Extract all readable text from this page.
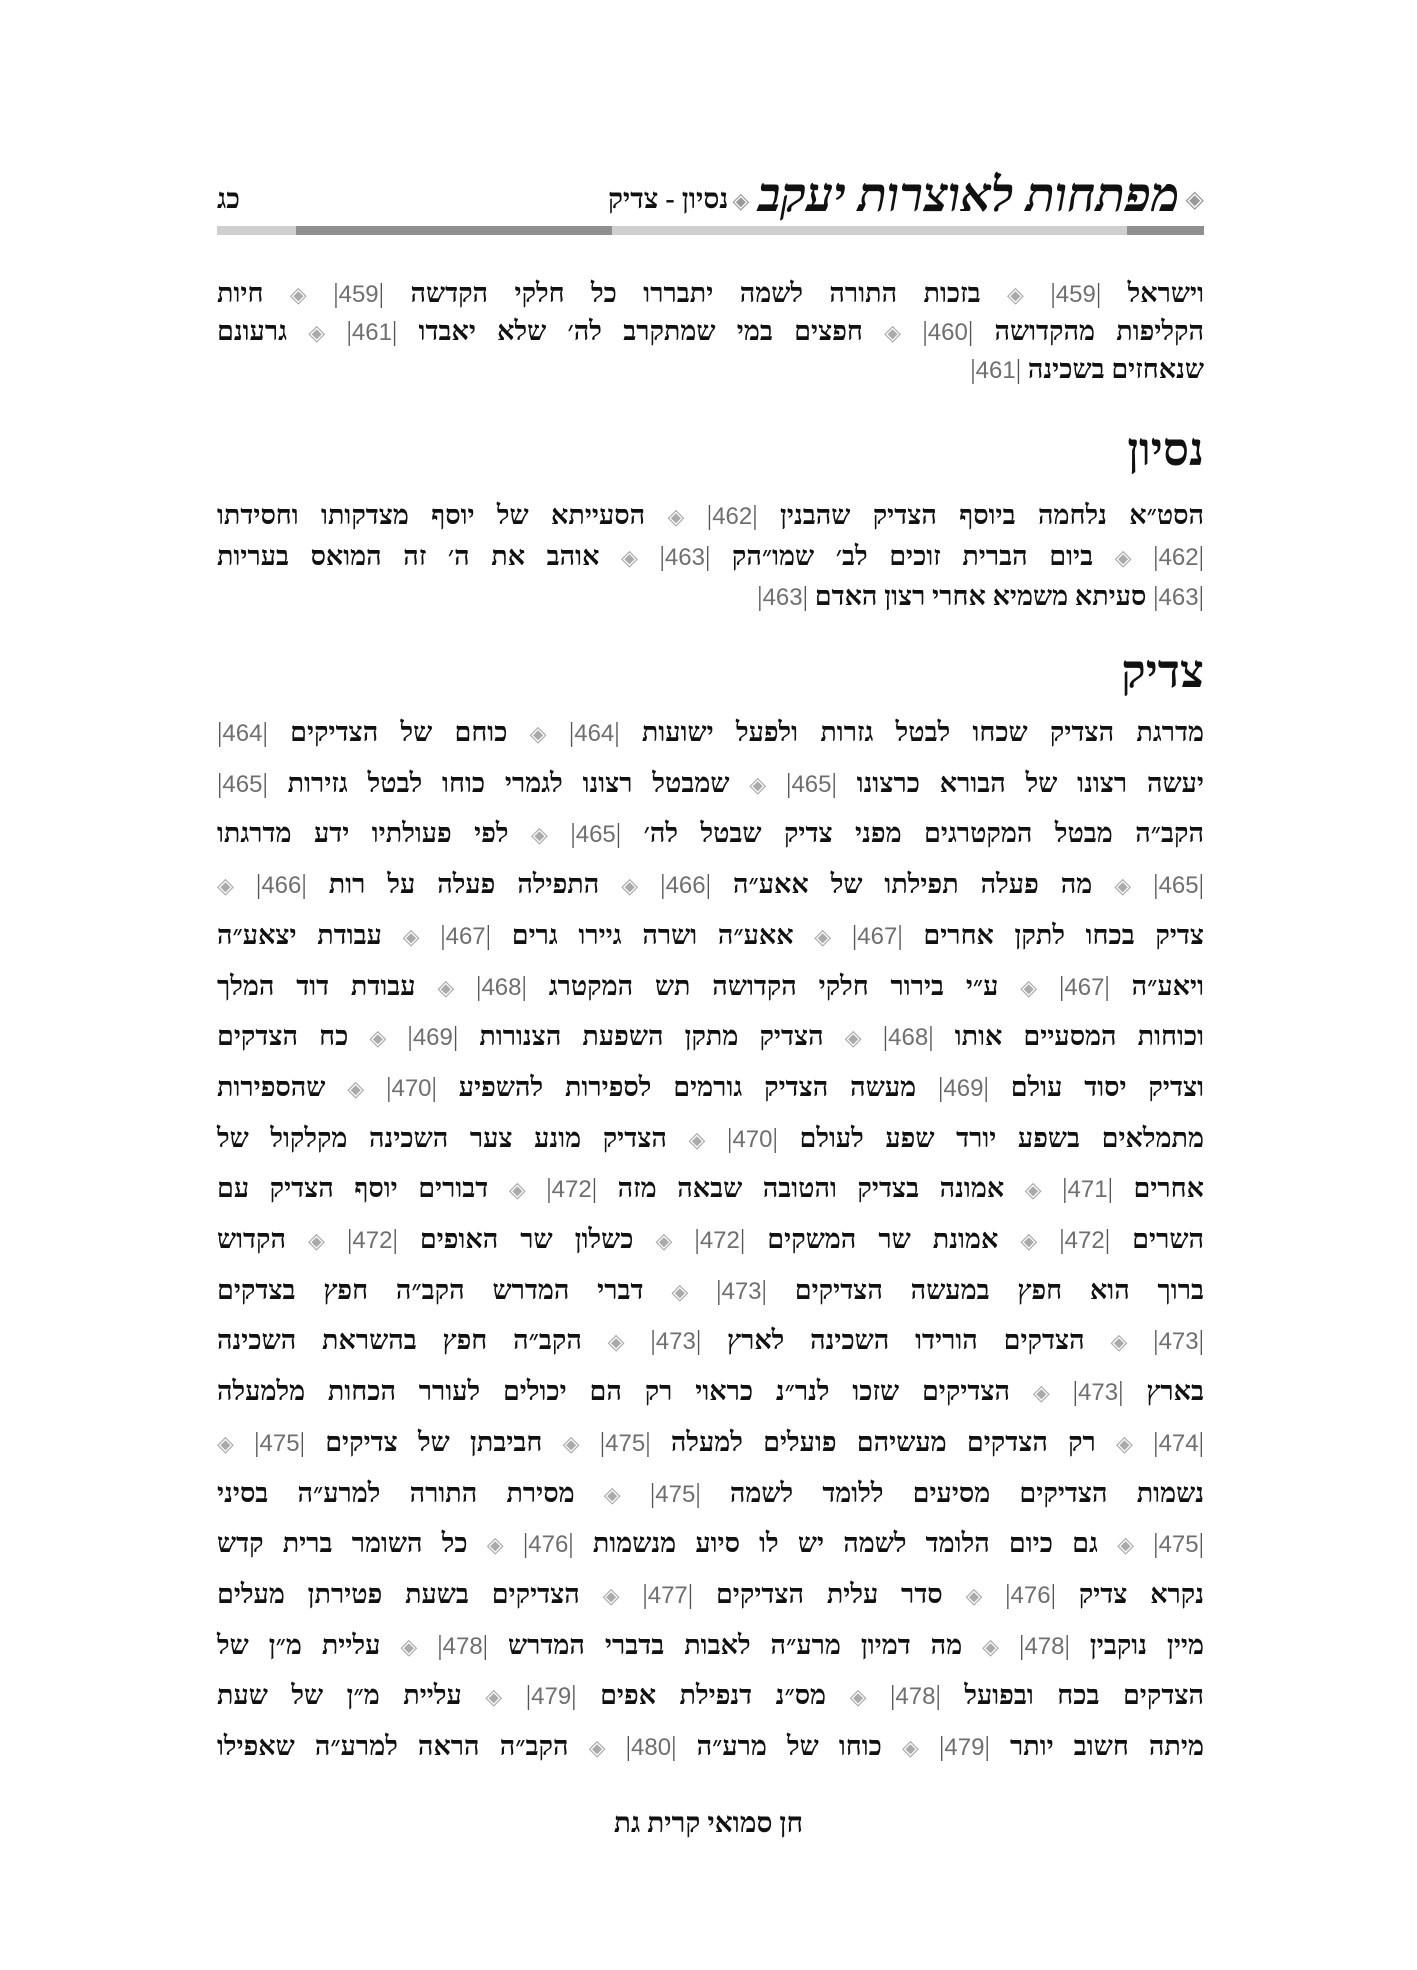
◈
מפתחות לאוצרות יעקב
◈
נסיון - צדיק
כג
וישראל |459| ◈ בזכות התורה לשמה יתבררו כל חלקי הקדשה |459| ◈ חיות
הקליפות מהקדושה |460| ◈ חפצים במי שמתקרב לה׳ שלא יאבדו |461| ◈ גרעונם
שנאחזים בשכינה |461|
נסיון
הסט״א נלחמה ביוסף הצדיק שהבנין |462| ◈ הסעייתא של יוסף מצדקותו וחסידתו
|462| ◈ ביום הברית זוכים לב׳ שמו״הק |463| ◈ אוהב את ה׳ זה המואס בעריות
|463| סעיתא משמיא אחרי רצון האדם |463|
צדיק
מדרגת הצדיק שכחו לבטל גזרות ולפעל ישועות |464| ◈ כוחם של הצדיקים |464|
יעשה רצונו של הבורא כרצונו |465| ◈ שמבטל רצונו לגמרי כוחו לבטל גזירות |465|
הקב״ה מבטל המקטרגים מפני צדיק שבטל לה׳ |465| ◈ לפי פעולתיו ידע מדרגתו
|465| ◈ מה פעלה תפילתו של אאע״ה |466| ◈ התפילה פעלה על רות |466| ◈
צדיק בכחו לתקן אחרים |467| ◈ אאע״ה ושרה גיירו גרים |467| ◈ עבודת יצאע״ה
ויאע״ה |467| ◈ ע״י בירור חלקי הקדושה תש המקטרג |468| ◈ עבודת דוד המלך
וכוחות המסעיים אותו |468| ◈ הצדיק מתקן השפעת הצנורות |469| ◈ כח הצדקים
וצדיק יסוד עולם |469| מעשה הצדיק גורמים לספירות להשפיע |470| ◈ שהספירות
מתמלאים בשפע יורד שפע לעולם |470| ◈ הצדיק מונע צער השכינה מקלקול של
אחרים |471| ◈ אמונה בצדיק והטובה שבאה מזה |472| ◈ דבורים יוסף הצדיק עם
השרים |472| ◈ אמונת שר המשקים |472| ◈ כשלון שר האופים |472| ◈ הקדוש
ברוך הוא חפץ במעשה הצדיקים |473| ◈ דברי המדרש הקב״ה חפץ בצדקים
|473| ◈ הצדקים הורידו השכינה לארץ |473| ◈ הקב״ה חפץ בהשראת השכינה
בארץ |473| ◈ הצדיקים שזכו לנר״נ כראוי רק הם יכולים לעורר הכחות מלמעלה
|474| ◈ רק הצדקים מעשיהם פועלים למעלה |475| ◈ חביבתן של צדיקים |475| ◈
נשמות הצדיקים מסיעים ללומד לשמה |475| ◈ מסירת התורה למרע״ה בסיני
|475| ◈ גם כיום הלומד לשמה יש לו סיוע מנשמות |476| ◈ כל השומר ברית קדש
נקרא צדיק |476| ◈ סדר עלית הצדיקים |477| ◈ הצדיקים בשעת פטירתן מעלים
מיין נוקבין |478| ◈ מה דמיון מרע״ה לאבות בדברי המדרש |478| ◈ עליית מ״ן של
הצדקים בכח ובפועל |478| ◈ מס״נ דנפילת אפים |479| ◈ עליית מ״ן של שעת
מיתה חשוב יותר |479| ◈ כוחו של מרע״ה |480| ◈ הקב״ה הראה למרע״ה שאפילו
חן סמואי קרית גת
